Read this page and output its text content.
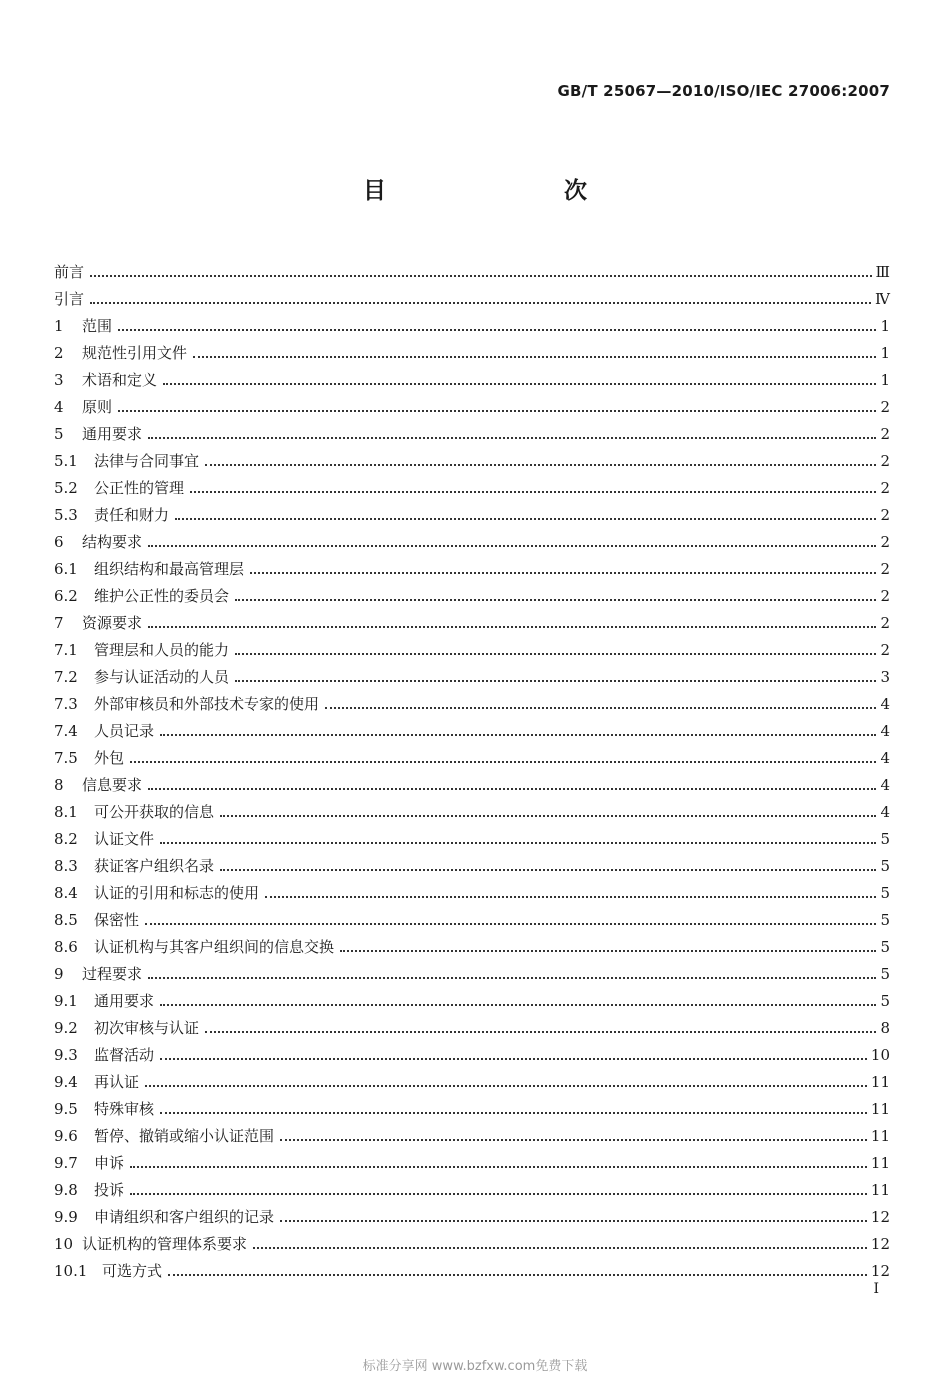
GB/T 25067—2010/ISO/IEC 27006:2007
目　　次
前言	Ⅲ
引言	Ⅳ
1	范围	1
2	规范性引用文件	1
3	术语和定义	1
4	原则	2
5	通用要求	2
5.1	法律与合同事宜	2
5.2	公正性的管理	2
5.3	责任和财力	2
6	结构要求	2
6.1	组织结构和最高管理层	2
6.2	维护公正性的委员会	2
7	资源要求	2
7.1	管理层和人员的能力	2
7.2	参与认证活动的人员	3
7.3	外部审核员和外部技术专家的使用	4
7.4	人员记录	4
7.5	外包	4
8	信息要求	4
8.1	可公开获取的信息	4
8.2	认证文件	5
8.3	获证客户组织名录	5
8.4	认证的引用和标志的使用	5
8.5	保密性	5
8.6	认证机构与其客户组织间的信息交换	5
9	过程要求	5
9.1	通用要求	5
9.2	初次审核与认证	8
9.3	监督活动	10
9.4	再认证	11
9.5	特殊审核	11
9.6	暂停、撤销或缩小认证范围	11
9.7	申诉	11
9.8	投诉	11
9.9	申请组织和客户组织的记录	12
10 认证机构的管理体系要求	12
10.1 可选方式	12
I
标准分享网 www.bzfxw.com免费下载
